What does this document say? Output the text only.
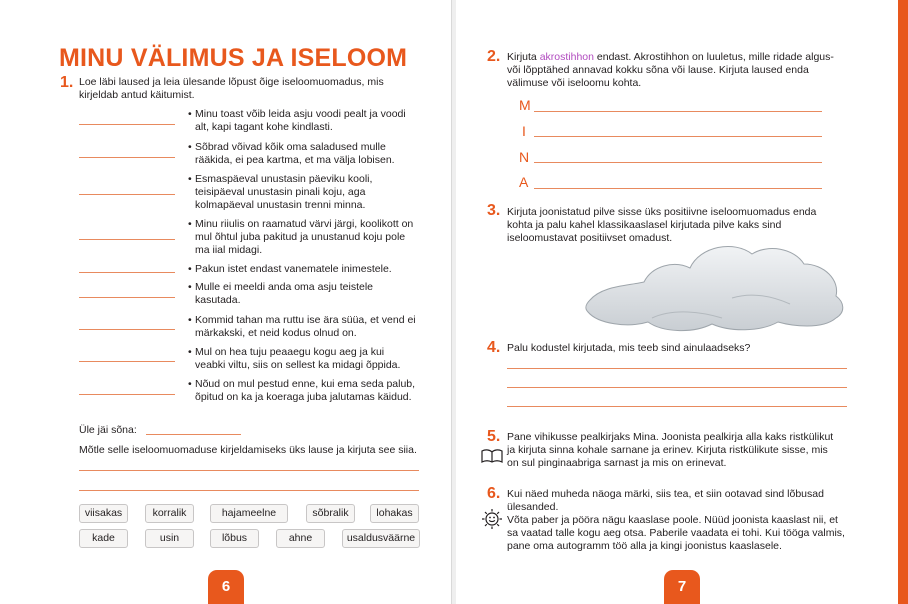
MINU VÄLIMUS JA ISELOOM
1. Loe läbi laused ja leia ülesande lõpust õige iseloomuomadus, mis
kirjeldab antud käitumist.
• Minu toast võib leida asju voodi pealt ja voodi
alt, kapi tagant kohe kindlasti.
• Sõbrad võivad kõik oma saladused mulle
rääkida, ei pea kartma, et ma välja lobisen.
• Esmaspäeval unustasin päeviku kooli,
teisipäeval unustasin pinali koju, aga
kolmapäeval unustasin trenni minna.
• Minu riiulis on raamatud värvi järgi, koolikott on
mul õhtul juba pakitud ja unustanud koju pole
ma iial midagi.
• Pakun istet endast vanematele inimestele.
• Mulle ei meeldi anda oma asju teistele
kasutada.
• Kommid tahan ma ruttu ise ära süüa, et vend ei
märkakski, et neid kodus olnud on.
• Mul on hea tuju peaaegu kogu aeg ja kui
veabki viltu, siis on sellest ka midagi õppida.
• Nõud on mul pestud enne, kui ema seda palub,
õpitud on ka ja koeraga juba jalutamas käidud.
Üle jäi sõna:
Mõtle selle iseloomuomaduse kirjeldamiseks üks lause ja kirjuta see siia.
viisakas	korralik	hajameelne	sõbralik	lohakas
kade	usin	lõbus	ahne	usaldusväärne
6
2. Kirjuta akrostihhon endast. Akrostihhon on luuletus, mille ridade algus-
või lõpptähed annavad kokku sõna või lause. Kirjuta laused enda
välimuse või iseloomu kohta.
M
I
N
A
3. Kirjuta joonistatud pilve sisse üks positiivne iseloomuomadus enda
kohta ja palu kahel klassikaaslasel kirjutada pilve kaks sind
iseloomustavat positiivset omadust.
4. Palu kodustel kirjutada, mis teeb sind ainulaadseks?
5. Pane vihikusse pealkirjaks Mina. Joonista pealkirja alla kaks ristkülikut
ja kirjuta sinna kohale sarnane ja erinev. Kirjuta ristkülikute sisse, mis
on sul pinginaabriga sarnast ja mis on erinevat.
6. Kui näed muheda näoga märki, siis tea, et siin ootavad sind lõbusad
ülesanded.
Võta paber ja pööra nägu kaaslase poole. Nüüd joonista kaaslast nii, et
sa vaatad talle kogu aeg otsa. Paberile vaadata ei tohi. Kui tööga valmis,
pane oma autogramm töö alla ja kingi joonistus kaaslasele.
7
